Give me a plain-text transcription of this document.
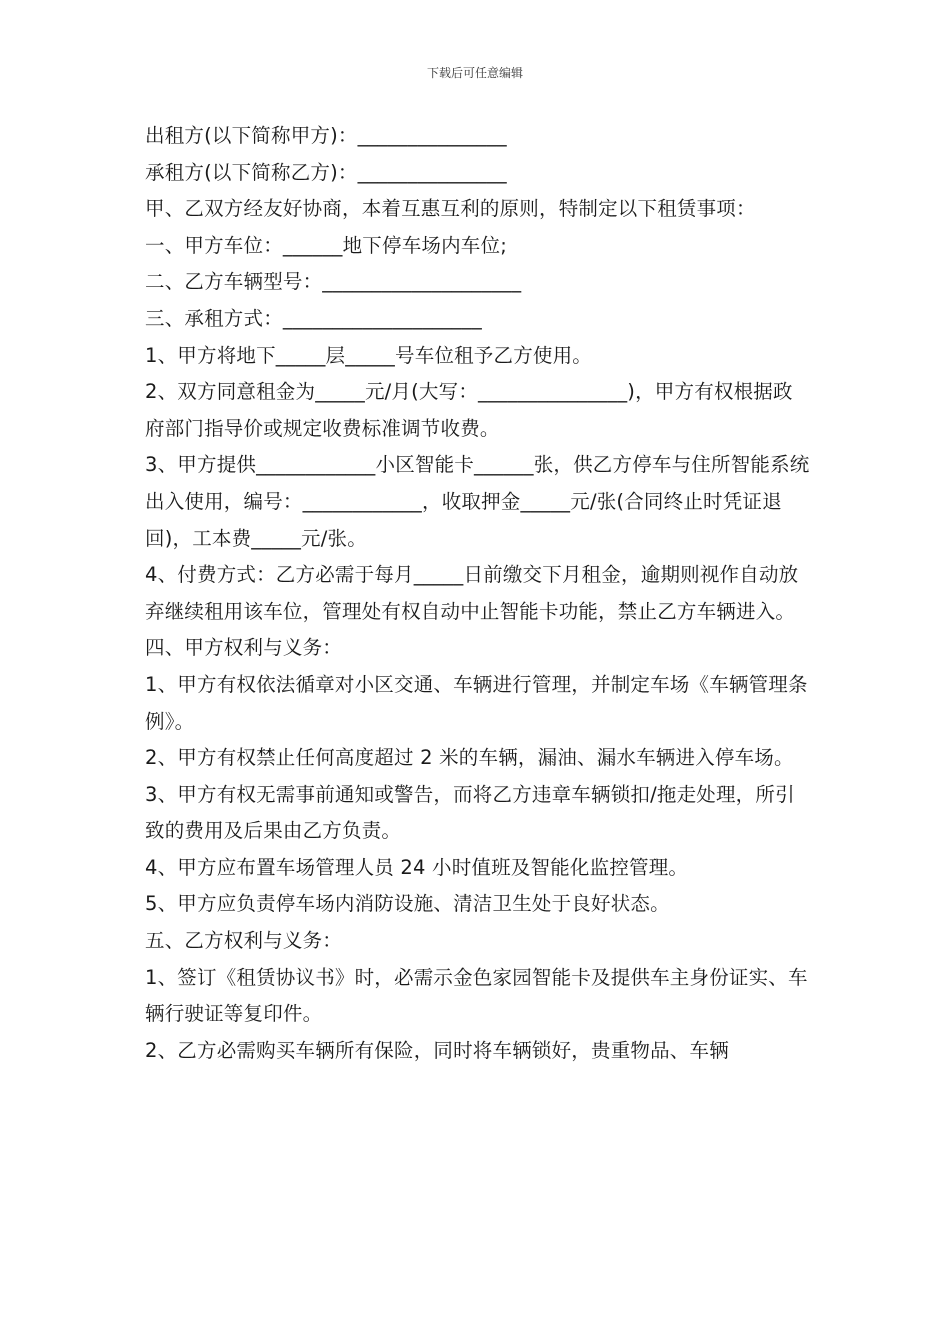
下载后可任意编辑

出租方(以下简称甲方)：_______________

承租方(以下简称乙方)：_______________

甲、乙双方经友好协商，本着互惠互利的原则，特制定以下租赁事项：

一、甲方车位：______地下停车场内车位;

二、乙方车辆型号：____________________

三、承租方式：____________________

1、甲方将地下_____层_____号车位租予乙方使用。

2、双方同意租金为_____元/月(大写：_______________)，甲方有权根据政府部门指导价或规定收费标准调节收费。

3、甲方提供____________小区智能卡______张，供乙方停车与住所智能系统出入使用，编号：____________，收取押金_____元/张(合同终止时凭证退回)，工本费_____元/张。

4、付费方式：乙方必需于每月_____日前缴交下月租金，逾期则视作自动放弃继续租用该车位，管理处有权自动中止智能卡功能，禁止乙方车辆进入。

四、甲方权利与义务：

1、甲方有权依法循章对小区交通、车辆进行管理，并制定车场《车辆管理条例》。

2、甲方有权禁止任何高度超过 2 米的车辆，漏油、漏水车辆进入停车场。

3、甲方有权无需事前通知或警告，而将乙方违章车辆锁扣/拖走处理，所引致的费用及后果由乙方负责。

4、甲方应布置车场管理人员 24 小时值班及智能化监控管理。

5、甲方应负责停车场内消防设施、清洁卫生处于良好状态。

五、乙方权利与义务：

1、签订《租赁协议书》时，必需示金色家园智能卡及提供车主身份证实、车辆行驶证等复印件。

2、乙方必需购买车辆所有保险，同时将车辆锁好，贵重物品、车辆
